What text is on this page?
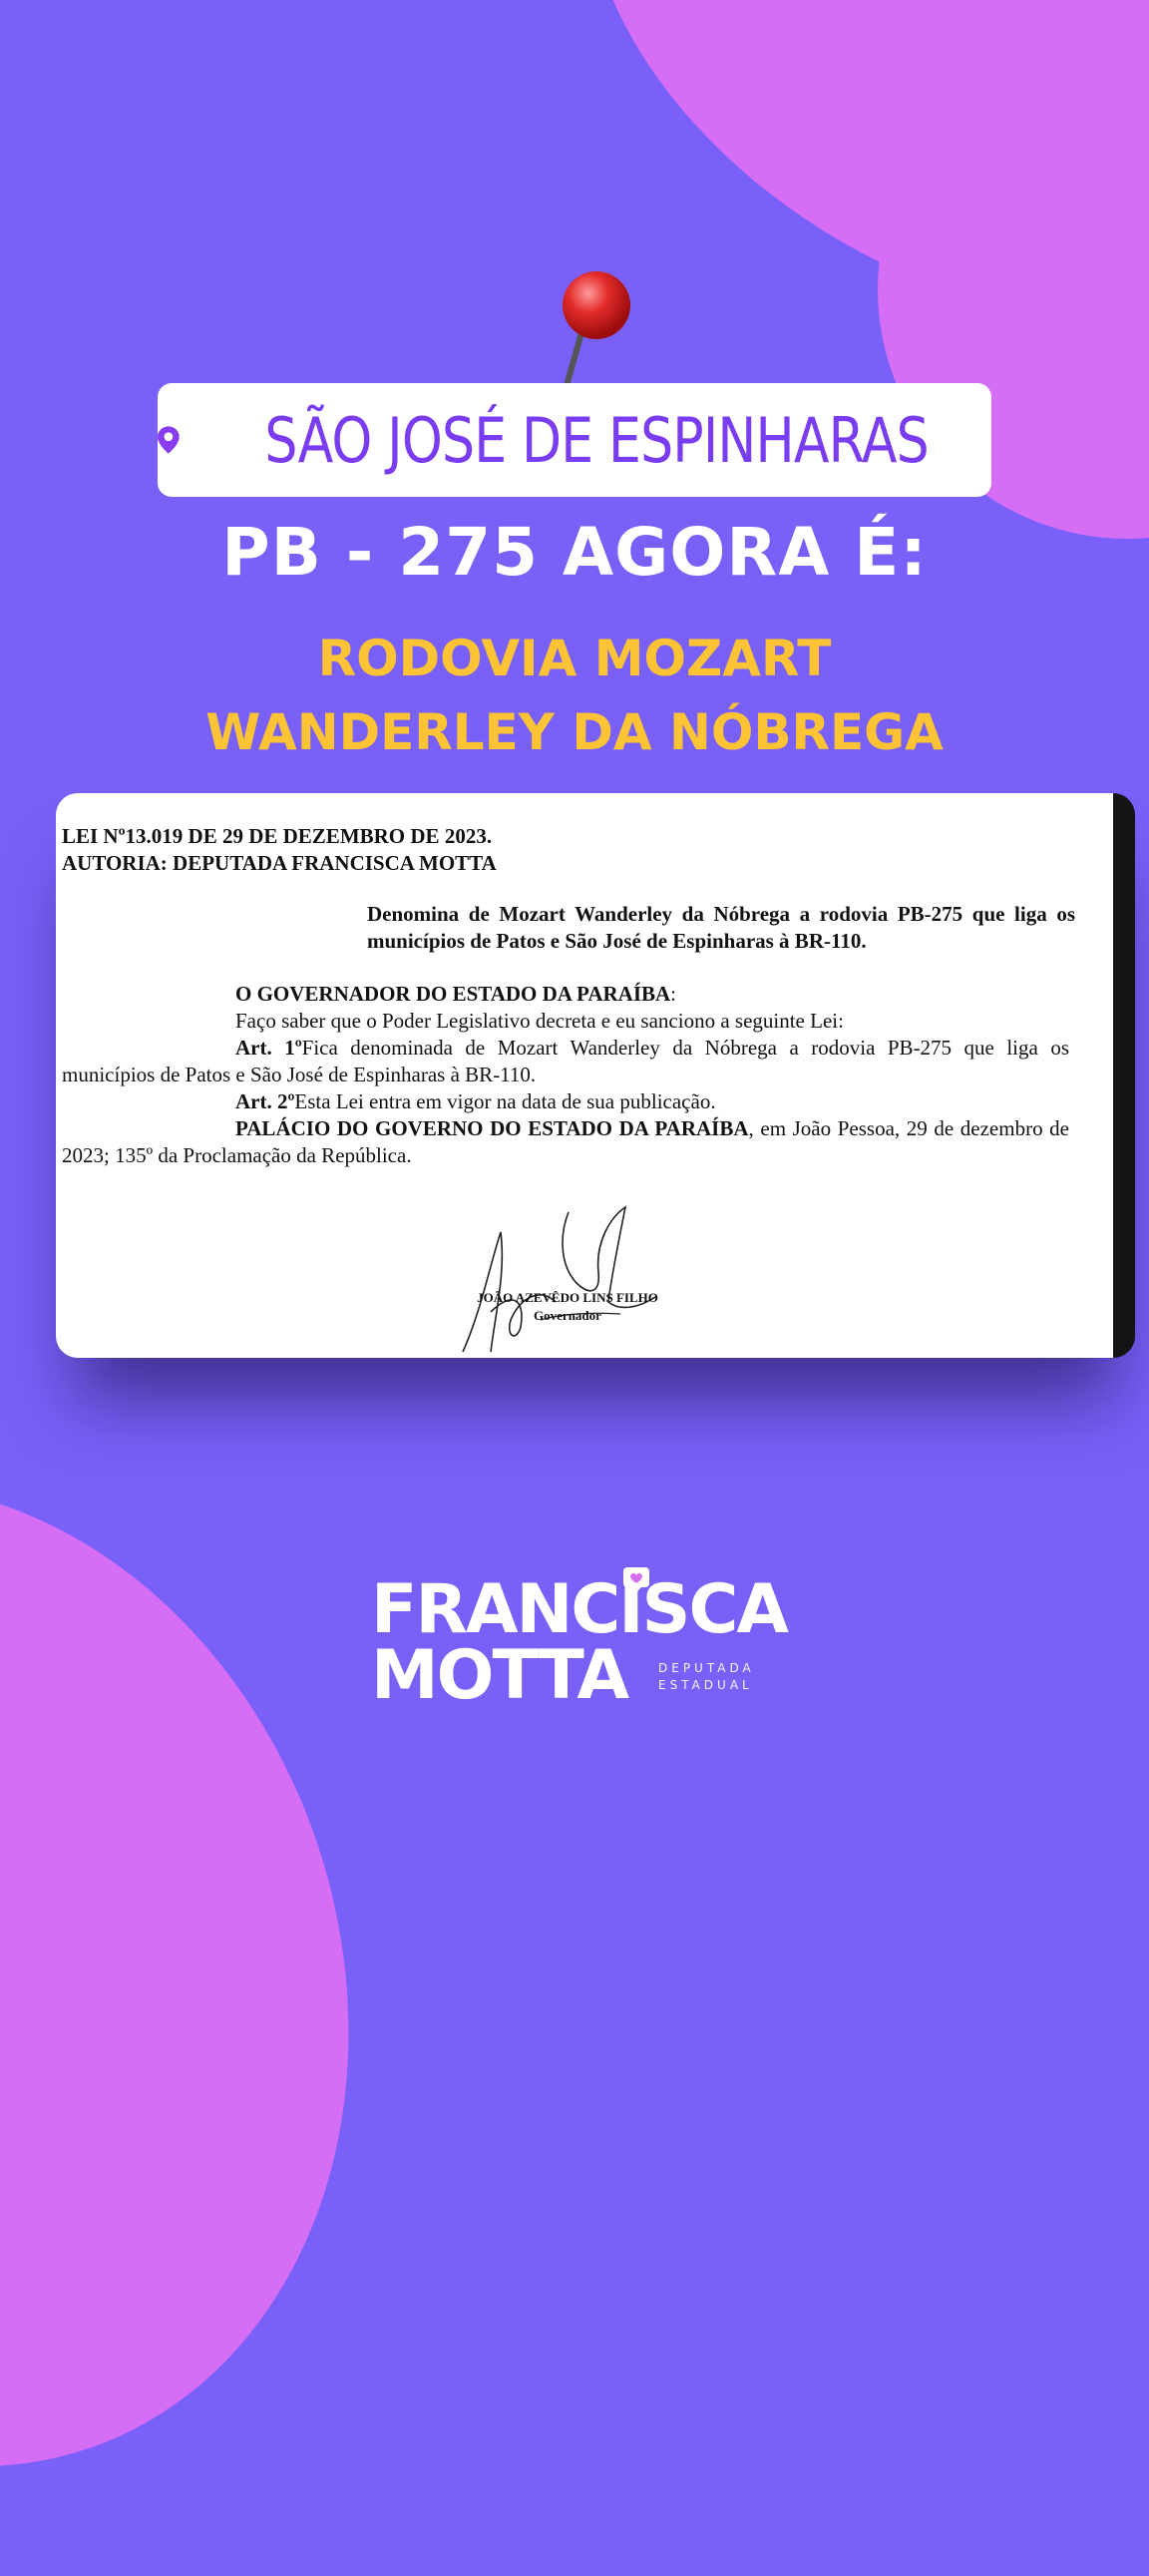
SÃO JOSÉ DE ESPINHARAS
PB - 275 AGORA É:
RODOVIA MOZART
WANDERLEY DA NÓBREGA
LEI Nº13.019 DE 29 DE DEZEMBRO DE 2023.
AUTORIA: DEPUTADA FRANCISCA MOTTA
Denomina de Mozart Wanderley da Nóbrega a rodovia PB-275 que liga os municípios de Patos e São José de Espinharas à BR-110.
O GOVERNADOR DO ESTADO DA PARAÍBA:
Faço saber que o Poder Legislativo decreta e eu sanciono a seguinte Lei:
Art. 1ºFica denominada de Mozart Wanderley da Nóbrega a rodovia PB-275 que liga os municípios de Patos e São José de Espinharas à BR-110.
Art. 2ºEsta Lei entra em vigor na data de sua publicação.
PALÁCIO DO GOVERNO DO ESTADO DA PARAÍBA, em João Pessoa, 29 de dezembro de 2023; 135º da Proclamação da República.
JOÃO AZEVÊDO LINS FILHO
Governador
FRANCISCA
MOTTA	DEPUTADA
ESTADUAL
